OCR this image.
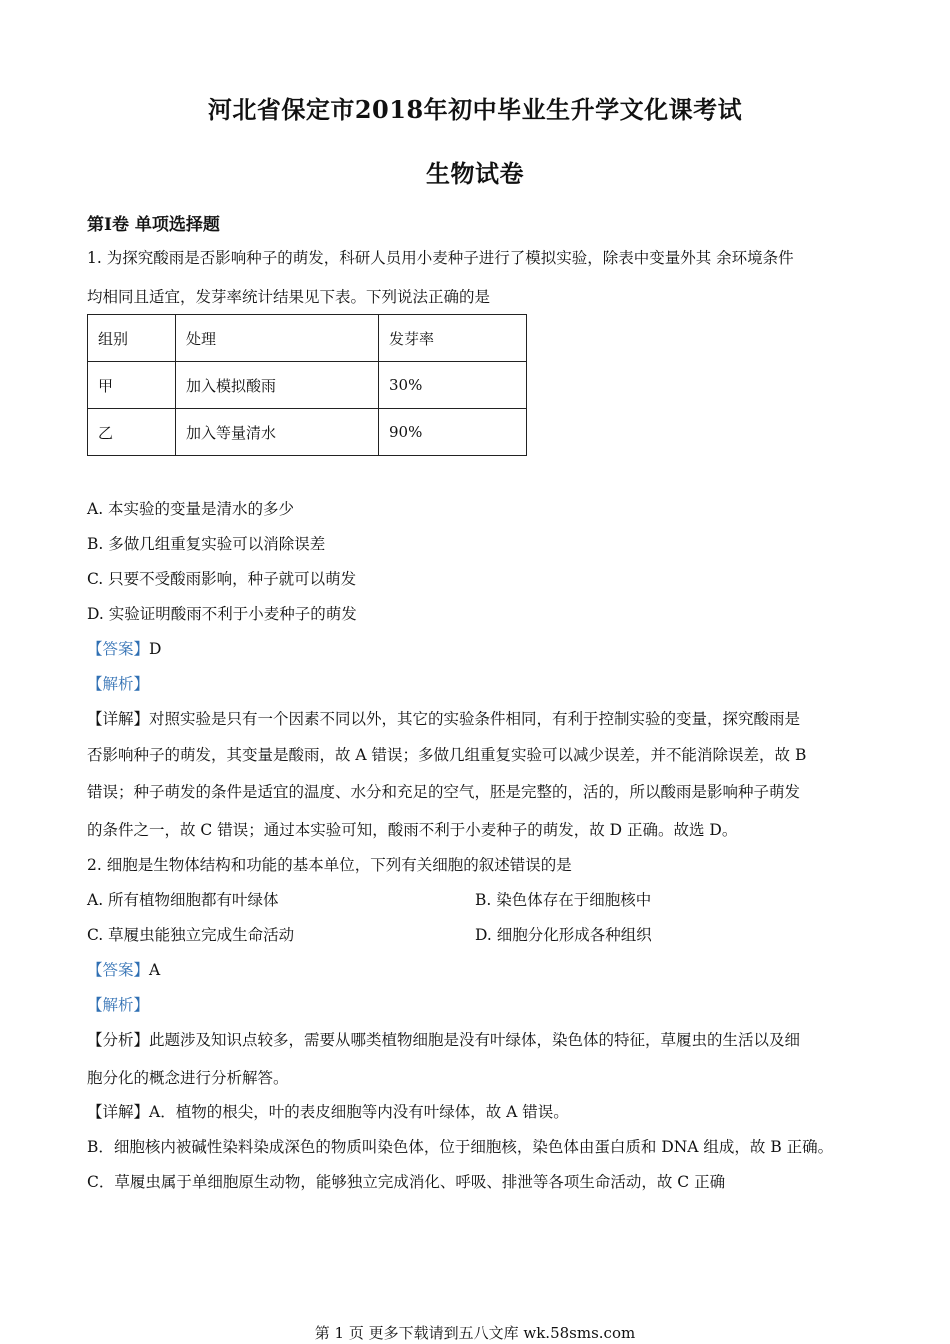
河北省保定市2018年初中毕业生升学文化课考试
生物试卷
第Ⅰ卷 单项选择题
1. 为探究酸雨是否影响种子的萌发，科研人员用小麦种子进行了模拟实验，除表中变量外其 余环境条件
均相同且适宜，发芽率统计结果见下表。下列说法正确的是
组别	处理	发芽率
甲	加入模拟酸雨	30%
乙	加入等量清水	90%
A. 本实验的变量是清水的多少
B. 多做几组重复实验可以消除误差
C. 只要不受酸雨影响，种子就可以萌发
D. 实验证明酸雨不利于小麦种子的萌发
【答案】D
【解析】
【详解】对照实验是只有一个因素不同以外，其它的实验条件相同，有利于控制实验的变量，探究酸雨是
否影响种子的萌发，其变量是酸雨，故 A 错误；多做几组重复实验可以减少误差，并不能消除误差，故 B
错误；种子萌发的条件是适宜的温度、水分和充足的空气，胚是完整的，活的，所以酸雨是影响种子萌发
的条件之一，故 C 错误；通过本实验可知，酸雨不利于小麦种子的萌发，故 D 正确。故选 D。
2. 细胞是生物体结构和功能的基本单位，下列有关细胞的叙述错误的是
A. 所有植物细胞都有叶绿体	B. 染色体存在于细胞核中
C. 草履虫能独立完成生命活动	D. 细胞分化形成各种组织
【答案】A
【解析】
【分析】此题涉及知识点较多，需要从哪类植物细胞是没有叶绿体，染色体的特征，草履虫的生活以及细
胞分化的概念进行分析解答。
【详解】A．植物的根尖，叶的表皮细胞等内没有叶绿体，故 A 错误。
B．细胞核内被碱性染料染成深色的物质叫染色体，位于细胞核，染色体由蛋白质和 DNA 组成，故 B 正确。
C．草履虫属于单细胞原生动物，能够独立完成消化、呼吸、排泄等各项生命活动，故 C 正确
第 1 页 更多下载请到五八文库 wk.58sms.com
